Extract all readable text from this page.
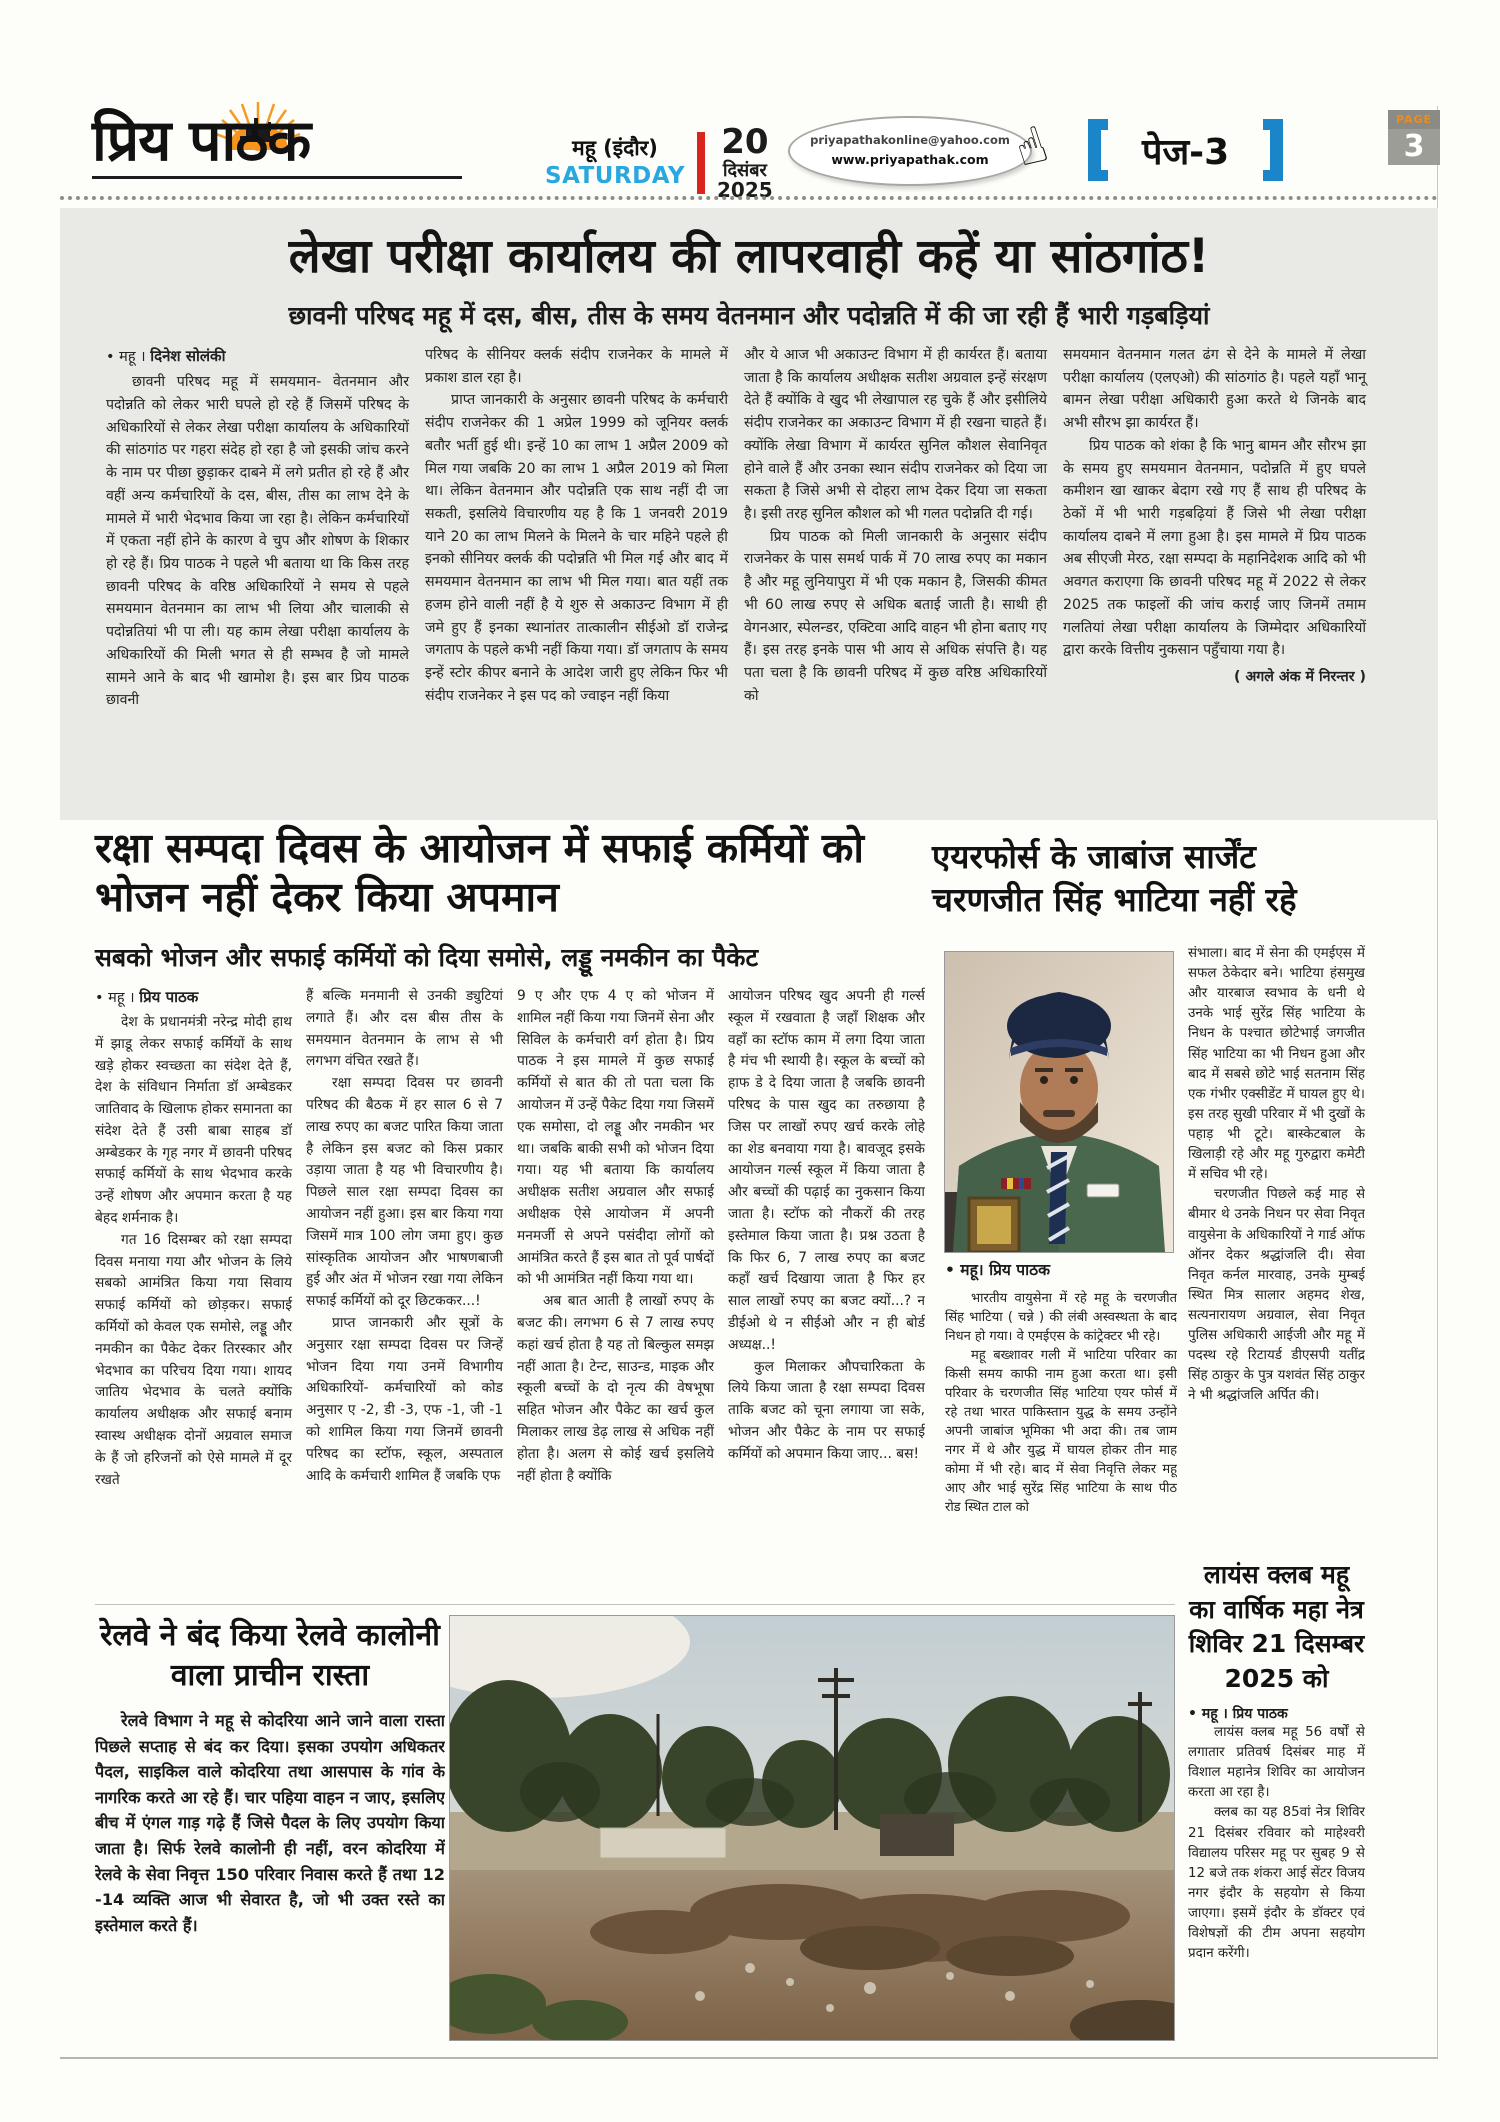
प्रिय पाठक	महू (इंदौर)
SATURDAY
20
दिसंबर
2025
priyapathakonline@yahoo.com
www.priyapathak.com ☝ पेज-3
PAGE
3
लेखा परीक्षा कार्यालय की लापरवाही कहें या सांठगांठ!
छावनी परिषद महू में दस, बीस, तीस के समय वेतनमान और पदोन्नति में की जा रही हैं भारी गड़बड़ियां
• महू । दिनेश सोलंकी

छावनी परिषद महू में समयमान- वेतनमान और पदोन्नति को लेकर भारी घपले हो रहे हैं जिसमें परिषद के अधिकारियों से लेकर लेखा परीक्षा कार्यालय के अधिकारियों की सांठगांठ पर गहरा संदेह हो रहा है जो इसकी जांच करने के नाम पर पीछा छुड़ाकर दाबने में लगे प्रतीत हो रहे हैं और वहीं अन्य कर्मचारियों के दस, बीस, तीस का लाभ देने के मामले में भारी भेदभाव किया जा रहा है। लेकिन कर्मचारियों में एकता नहीं होने के कारण वे चुप और शोषण के शिकार हो रहे हैं। प्रिय पाठक ने पहले भी बताया था कि किस तरह छावनी परिषद के वरिष्ठ अधिकारियों ने समय से पहले समयमान वेतनमान का लाभ भी लिया और चालाकी से पदोन्नतियां भी पा ली। यह काम लेखा परीक्षा कार्यालय के अधिकारियों की मिली भगत से ही सम्भव है जो मामले सामने आने के बाद भी खामोश है। इस बार प्रिय पाठक छावनी

परिषद के सीनियर क्लर्क संदीप राजनेकर के मामले में प्रकाश डाल रहा है।

प्राप्त जानकारी के अनुसार छावनी परिषद के कर्मचारी संदीप राजनेकर की 1 अप्रेल 1999 को जूनियर क्लर्क बतौर भर्ती हुई थी। इन्हें 10 का लाभ 1 अप्रैल 2009 को मिल गया जबकि 20 का लाभ 1 अप्रैल 2019 को मिला था। लेकिन वेतनमान और पदोन्नति एक साथ नहीं दी जा सकती, इसलिये विचारणीय यह है कि 1 जनवरी 2019 याने 20 का लाभ मिलने के मिलने के चार महिने पहले ही इनको सीनियर क्लर्क की पदोन्नति भी मिल गई और बाद में समयमान वेतनमान का लाभ भी मिल गया। बात यहीं तक हजम होने वाली नहीं है ये शुरु से अकाउन्ट विभाग में ही जमे हुए हैं इनका स्थानांतर तात्कालीन सीईओ डॉ राजेन्द्र जगताप के पहले कभी नहीं किया गया। डॉ जगताप के समय इन्हें स्टोर कीपर बनाने के आदेश जारी हुए लेकिन फिर भी संदीप राजनेकर ने इस पद को ज्वाइन नहीं किया

और ये आज भी अकाउन्ट विभाग में ही कार्यरत हैं। बताया जाता है कि कार्यालय अधीक्षक सतीश अग्रवाल इन्हें संरक्षण देते हैं क्योंकि वे खुद भी लेखापाल रह चुके हैं और इसीलिये संदीप राजनेकर का अकाउन्ट विभाग में ही रखना चाहते हैं। क्योंकि लेखा विभाग में कार्यरत सुनिल कौशल सेवानिवृत होने वाले हैं और उनका स्थान संदीप राजनेकर को दिया जा सकता है जिसे अभी से दोहरा लाभ देकर दिया जा सकता है। इसी तरह सुनिल कौशल को भी गलत पदोन्नति दी गई।

प्रिय पाठक को मिली जानकारी के अनुसार संदीप राजनेकर के पास समर्थ पार्क में 70 लाख रुपए का मकान है और महू लुनियापुरा में भी एक मकान है, जिसकी कीमत भी 60 लाख रुपए से अधिक बताई जाती है। साथी ही वेगनआर, स्पेलन्डर, एक्टिवा आदि वाहन भी होना बताए गए हैं। इस तरह इनके पास भी आय से अधिक संपत्ति है। यह पता चला है कि छावनी परिषद में कुछ वरिष्ठ अधिकारियों को

समयमान वेतनमान गलत ढंग से देने के मामले में लेखा परीक्षा कार्यालय (एलएओ) की सांठगांठ है। पहले यहाँ भानू बामन लेखा परीक्षा अधिकारी हुआ करते थे जिनके बाद अभी सौरभ झा कार्यरत हैं।

प्रिय पाठक को शंका है कि भानु बामन और सौरभ झा के समय हुए समयमान वेतनमान, पदोन्नति में हुए घपले कमीशन खा खाकर बेदाग रखे गए हैं साथ ही परिषद के ठेकों में भी भारी गड़बढ़ियां हैं जिसे भी लेखा परीक्षा कार्यालय दाबने में लगा हुआ है। इस मामले में प्रिय पाठक अब सीएजी मेरठ, रक्षा सम्पदा के महानिदेशक आदि को भी अवगत कराएगा कि छावनी परिषद महू में 2022 से लेकर 2025 तक फाइलों की जांच कराई जाए जिनमें तमाम गलतियां लेखा परीक्षा कार्यालय के जिम्मेदार अधिकारियों द्वारा करके वित्तीय नुकसान पहुँचाया गया है।

( अगले अंक में निरन्तर )
रक्षा सम्पदा दिवस के आयोजन में सफाई कर्मियों को भोजन नहीं देकर किया अपमान
सबको भोजन और सफाई कर्मियों को दिया समोसे, लड्डू नमकीन का पैकेट
• महू । प्रिय पाठक

देश के प्रधानमंत्री नरेन्द्र मोदी हाथ में झाडू लेकर सफाई कर्मियों के साथ खड़े होकर स्वच्छता का संदेश देते हैं, देश के संविधान निर्माता डॉ अम्बेडकर जातिवाद के खिलाफ होकर समानता का संदेश देते हैं उसी बाबा साहब डॉ अम्बेडकर के गृह नगर में छावनी परिषद सफाई कर्मियों के साथ भेदभाव करके उन्हें शोषण और अपमान करता है यह बेहद शर्मनाक है।

गत 16 दिसम्बर को रक्षा सम्पदा दिवस मनाया गया और भोजन के लिये सबको आमंत्रित किया गया सिवाय सफाई कर्मियों को छोड़कर। सफाई कर्मियों को केवल एक समोसे, लड्डू और नमकीन का पैकेट देकर तिरस्कार और भेदभाव का परिचय दिया गया। शायद जातिय भेदभाव के चलते क्योंकि कार्यालय अधीक्षक और सफाई बनाम स्वास्थ अधीक्षक दोनों अग्रवाल समाज के हैं जो हरिजनों को ऐसे मामले में दूर रखते

हैं बल्कि मनमानी से उनकी ड्युटियां लगाते हैं। और दस बीस तीस के समयमान वेतनमान के लाभ से भी लगभग वंचित रखते हैं।

रक्षा सम्पदा दिवस पर छावनी परिषद की बैठक में हर साल 6 से 7 लाख रुपए का बजट पारित किया जाता है लेकिन इस बजट को किस प्रकार उड़ाया जाता है यह भी विचारणीय है। पिछले साल रक्षा सम्पदा दिवस का आयोजन नहीं हुआ। इस बार किया गया जिसमें मात्र 100 लोग जमा हुए। कुछ सांस्कृतिक आयोजन और भाषणबाजी हुई और अंत में भोजन रखा गया लेकिन सफाई कर्मियों को दूर छिटककर...!

प्राप्त जानकारी और सूत्रों के अनुसार रक्षा सम्पदा दिवस पर जिन्हें भोजन दिया गया उनमें विभागीय अधिकारियों- कर्मचारियों को कोड अनुसार ए -2, डी -3, एफ -1, जी -1 को शामिल किया गया जिनमें छावनी परिषद का स्टॉफ, स्कूल, अस्पताल आदि के कर्मचारी शामिल हैं जबकि एफ

9 ए और एफ 4 ए को भोजन में शामिल नहीं किया गया जिनमें सेना और सिविल के कर्मचारी वर्ग होता है। प्रिय पाठक ने इस मामले में कुछ सफाई कर्मियों से बात की तो पता चला कि आयोजन में उन्हें पैकेट दिया गया जिसमें एक समोसा, दो लड्डू और नमकीन भर था। जबकि बाकी सभी को भोजन दिया गया। यह भी बताया कि कार्यालय अधीक्षक सतीश अग्रवाल और सफाई अधीक्षक ऐसे आयोजन में अपनी मनमर्जी से अपने पसंदीदा लोगों को आमंत्रित करते हैं इस बात तो पूर्व पार्षदों को भी आमंत्रित नहीं किया गया था।

अब बात आती है लाखों रुपए के बजट की। लगभग 6 से 7 लाख रुपए कहां खर्च होता है यह तो बिल्कुल समझ नहीं आता है। टेन्ट, साउन्ड, माइक और स्कूली बच्चों के दो नृत्य की वेषभूषा सहित भोजन और पैकेट का खर्च कुल मिलाकर लाख डेढ़ लाख से अधिक नहीं होता है। अलग से कोई खर्च इसलिये नहीं होता है क्योंकि

आयोजन परिषद खुद अपनी ही गर्ल्स स्कूल में रखवाता है जहाँ शिक्षक और वहाँ का स्टॉफ काम में लगा दिया जाता है मंच भी स्थायी है। स्कूल के बच्चों को हाफ डे दे दिया जाता है जबकि छावनी परिषद के पास खुद का तरुछाया है जिस पर लाखों रुपए खर्च करके लोहे का शेड बनवाया गया है। बावजूद इसके आयोजन गर्ल्स स्कूल में किया जाता है और बच्चों की पढ़ाई का नुकसान किया जाता है। स्टॉफ को नौकरों की तरह इस्तेमाल किया जाता है। प्रश्न उठता है कि फिर 6, 7 लाख रुपए का बजट कहाँ खर्च दिखाया जाता है फिर हर साल लाखों रुपए का बजट क्यों...? न डीईओ थे न सीईओ और न ही बोर्ड अध्यक्ष..!

कुल मिलाकर औपचारिकता के लिये किया जाता है रक्षा सम्पदा दिवस ताकि बजट को चूना लगाया जा सके, भोजन और पैकेट के नाम पर सफाई कर्मियों को अपमान किया जाए... बस!

एयरफोर्स के जाबांज सार्जेंट चरणजीत सिंह भाटिया नहीं रहे
• महू। प्रिय पाठक

भारतीय वायुसेना में रहे महू के चरणजीत सिंह भाटिया ( चन्ने ) की लंबी अस्वस्थता के बाद निधन हो गया। वे एमईएस के कांट्रेक्टर भी रहे।

महू बख्शावर गली में भाटिया परिवार का किसी समय काफी नाम हुआ करता था। इसी परिवार के चरणजीत सिंह भाटिया एयर फोर्स में रहे तथा भारत पाकिस्तान युद्ध के समय उन्होंने अपनी जाबांज भूमिका भी अदा की। तब जाम नगर में थे और युद्ध में घायल होकर तीन माह कोमा में भी रहे। बाद में सेवा निवृत्ति लेकर महू आए और भाई सुरेंद्र सिंह भाटिया के साथ पीठ रोड स्थित टाल को

संभाला। बाद में सेना की एमईएस में सफल ठेकेदार बने। भाटिया हंसमुख और यारबाज स्वभाव के धनी थे उनके भाई सुरेंद्र सिंह भाटिया के निधन के पश्चात छोटेभाई जगजीत सिंह भाटिया का भी निधन हुआ और बाद में सबसे छोटे भाई सतनाम सिंह एक गंभीर एक्सीडेंट में घायल हुए थे। इस तरह सुखी परिवार में भी दुखों के पहाड़ भी टूटे। बास्केटबाल के खिलाड़ी रहे और महू गुरुद्वारा कमेटी में सचिव भी रहे।

चरणजीत पिछले कई माह से बीमार थे उनके निधन पर सेवा निवृत वायुसेना के अधिकारियों ने गार्ड ऑफ ऑनर देकर श्रद्धांजलि दी। सेवा निवृत कर्नल मारवाह, उनके मुम्बई स्थित मित्र सालार अहमद शेख, सत्यनारायण अग्रवाल, सेवा निवृत पुलिस अधिकारी आईजी और महू में पदस्थ रहे रिटायर्ड डीएसपी यतींद्र सिंह ठाकुर के पुत्र यशवंत सिंह ठाकुर ने भी श्रद्धांजलि अर्पित की।

लायंस क्लब महू का वार्षिक महा नेत्र शिविर 21 दिसम्बर 2025 को
• महू । प्रिय पाठक

लायंस क्लब महू 56 वर्षों से लगातार प्रतिवर्ष दिसंबर माह में विशाल महानेत्र शिविर का आयोजन करता आ रहा है।

क्लब का यह 85वां नेत्र शिविर 21 दिसंबर रविवार को माहेश्वरी विद्यालय परिसर महू पर सुबह 9 से 12 बजे तक शंकरा आई सेंटर विजय नगर इंदौर के सहयोग से किया जाएगा। इसमें इंदौर के डॉक्टर एवं विशेषज्ञों की टीम अपना सहयोग प्रदान करेंगी।

रेलवे ने बंद किया रेलवे कालोनी वाला प्राचीन रास्ता

रेलवे विभाग ने महू से कोदरिया आने जाने वाला रास्ता पिछले सप्ताह से बंद कर दिया। इसका उपयोग अधिकतर पैदल, साइकिल वाले कोदरिया तथा आसपास के गांव के नागरिक करते आ रहे हैं। चार पहिया वाहन न जाए, इसलिए बीच में एंगल गाड़ गढ़े हैं जिसे पैदल के लिए उपयोग किया जाता है। सिर्फ रेलवे कालोनी ही नहीं, वरन कोदरिया में रेलवे के सेवा निवृत्त 150 परिवार निवास करते हैं तथा 12 -14 व्यक्ति आज भी सेवारत है, जो भी उक्त रस्ते का इस्तेमाल करते हैं।
